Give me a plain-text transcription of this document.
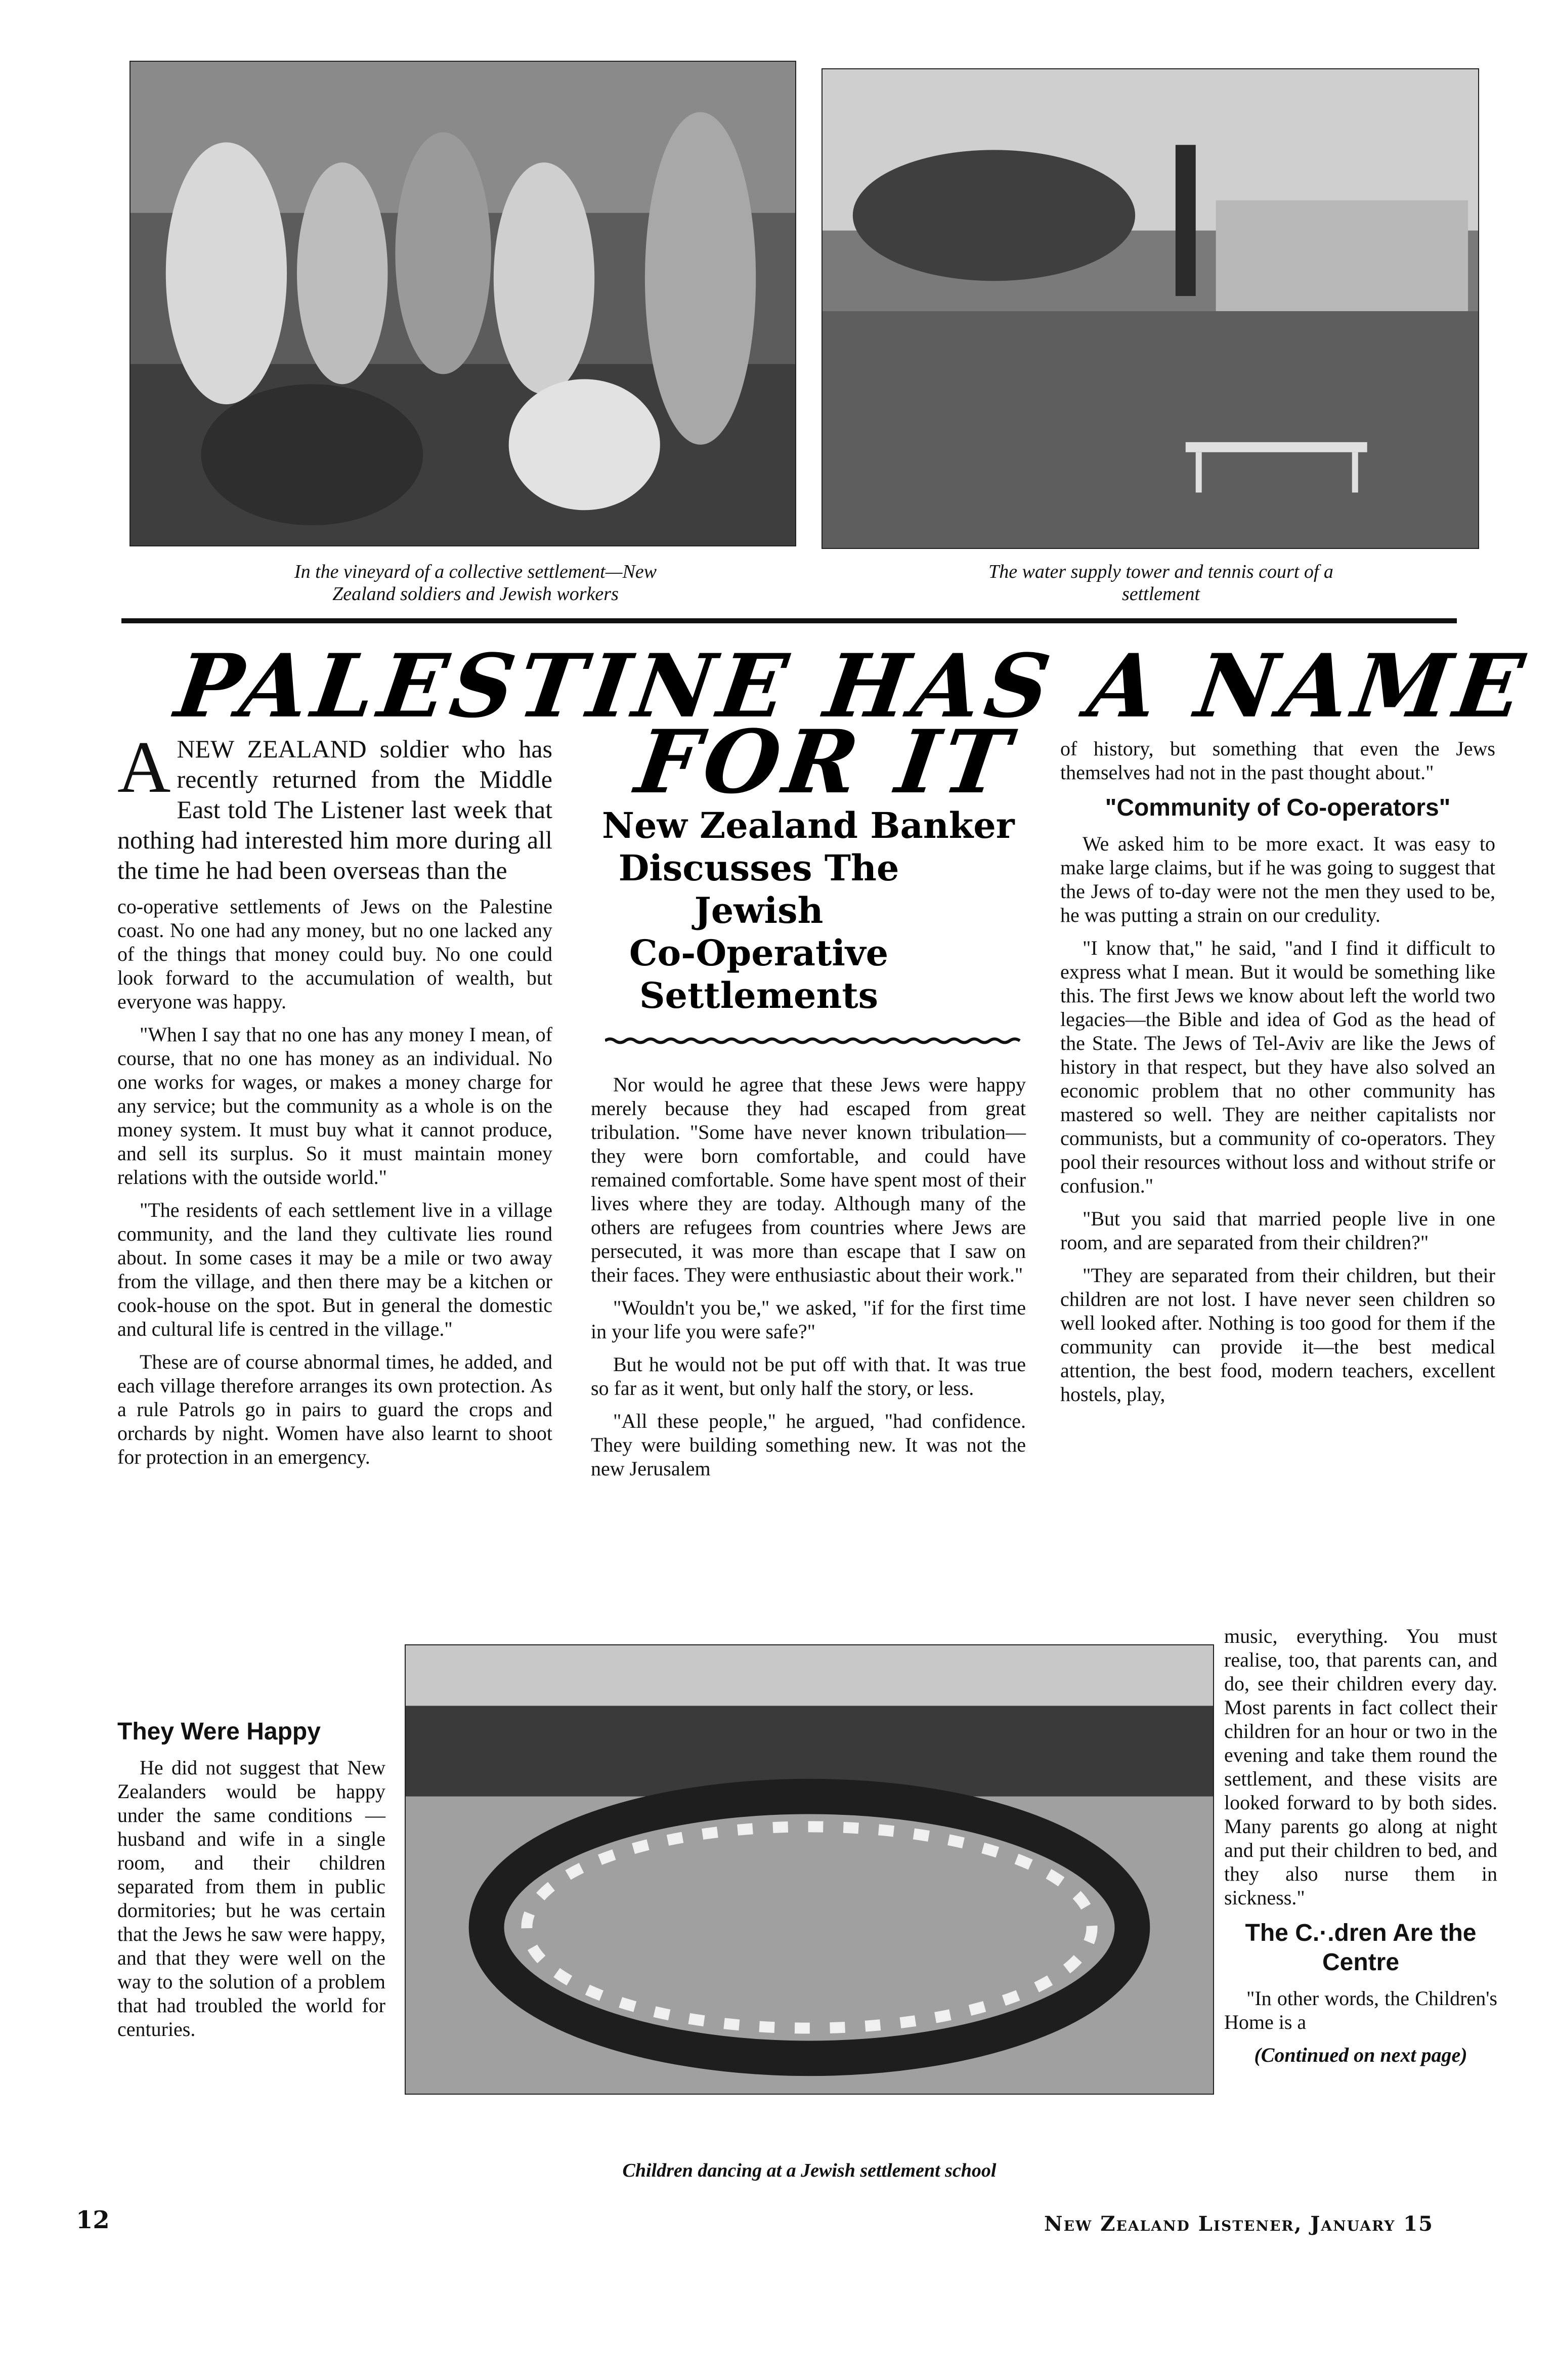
In the vineyard of a collective settlement—New
Zealand soldiers and Jewish workers
The water supply tower and tennis court of a
settlement
PALESTINE HAS A NAME
FOR IT
New Zealand Banker
Discusses The
Jewish
Co-Operative
Settlements

ANEW ZEALAND soldier who has recently returned from the Middle East told The Listener last week that nothing had interested him more during all the time he had been overseas than the

co-operative settlements of Jews on the Palestine coast. No one had any money, but no one lacked any of the things that money could buy. No one could look forward to the accumulation of wealth, but everyone was happy.

"When I say that no one has any money I mean, of course, that no one has money as an individual. No one works for wages, or makes a money charge for any service; but the community as a whole is on the money system. It must buy what it cannot produce, and sell its surplus. So it must maintain money relations with the outside world."

"The residents of each settlement live in a village community, and the land they cultivate lies round about. In some cases it may be a mile or two away from the village, and then there may be a kitchen or cook-house on the spot. But in general the domestic and cultural life is centred in the village."

These are of course abnormal times, he added, and each village therefore arranges its own protection. As a rule Patrols go in pairs to guard the crops and orchards by night. Women have also learnt to shoot for protection in an emergency.

They Were Happy

He did not suggest that New Zealanders would be happy under the same conditions — husband and wife in a single room, and their children separated from them in public dormitories; but he was certain that the Jews he saw were happy, and that they were well on the way to the solution of a problem that had troubled the world for centuries.

Nor would he agree that these Jews were happy merely because they had escaped from great tribulation. "Some have never known tribulation—they were born comfortable, and could have remained comfortable. Some have spent most of their lives where they are today. Although many of the others are refugees from countries where Jews are persecuted, it was more than escape that I saw on their faces. They were enthusiastic about their work."

"Wouldn't you be," we asked, "if for the first time in your life you were safe?"

But he would not be put off with that. It was true so far as it went, but only half the story, or less.

"All these people," he argued, "had confidence. They were building something new. It was not the new Jerusalem

of history, but something that even the Jews themselves had not in the past thought about."

"Community of Co-operators"

We asked him to be more exact. It was easy to make large claims, but if he was going to suggest that the Jews of to-day were not the men they used to be, he was putting a strain on our credulity.

"I know that," he said, "and I find it difficult to express what I mean. But it would be something like this. The first Jews we know about left the world two legacies—the Bible and idea of God as the head of the State. The Jews of Tel-Aviv are like the Jews of history in that respect, but they have also solved an economic problem that no other community has mastered so well. They are neither capitalists nor communists, but a community of co-operators. They pool their resources without loss and without strife or confusion."

"But you said that married people live in one room, and are separated from their children?"

"They are separated from their children, but their children are not lost. I have never seen children so well looked after. Nothing is too good for them if the community can provide it—the best medical attention, the best food, modern teachers, excellent hostels, play,

music, everything. You must realise, too, that parents can, and do, see their children every day. Most parents in fact collect their children for an hour or two in the evening and take them round the settlement, and these visits are looked forward to by both sides. Many parents go along at night and put their children to bed, and they also nurse them in sickness."

The C.·.dren Are the Centre

"In other words, the Children's Home is a

(Continued on next page)

Children dancing at a Jewish settlement school
12	New Zealand Listener, January 15
